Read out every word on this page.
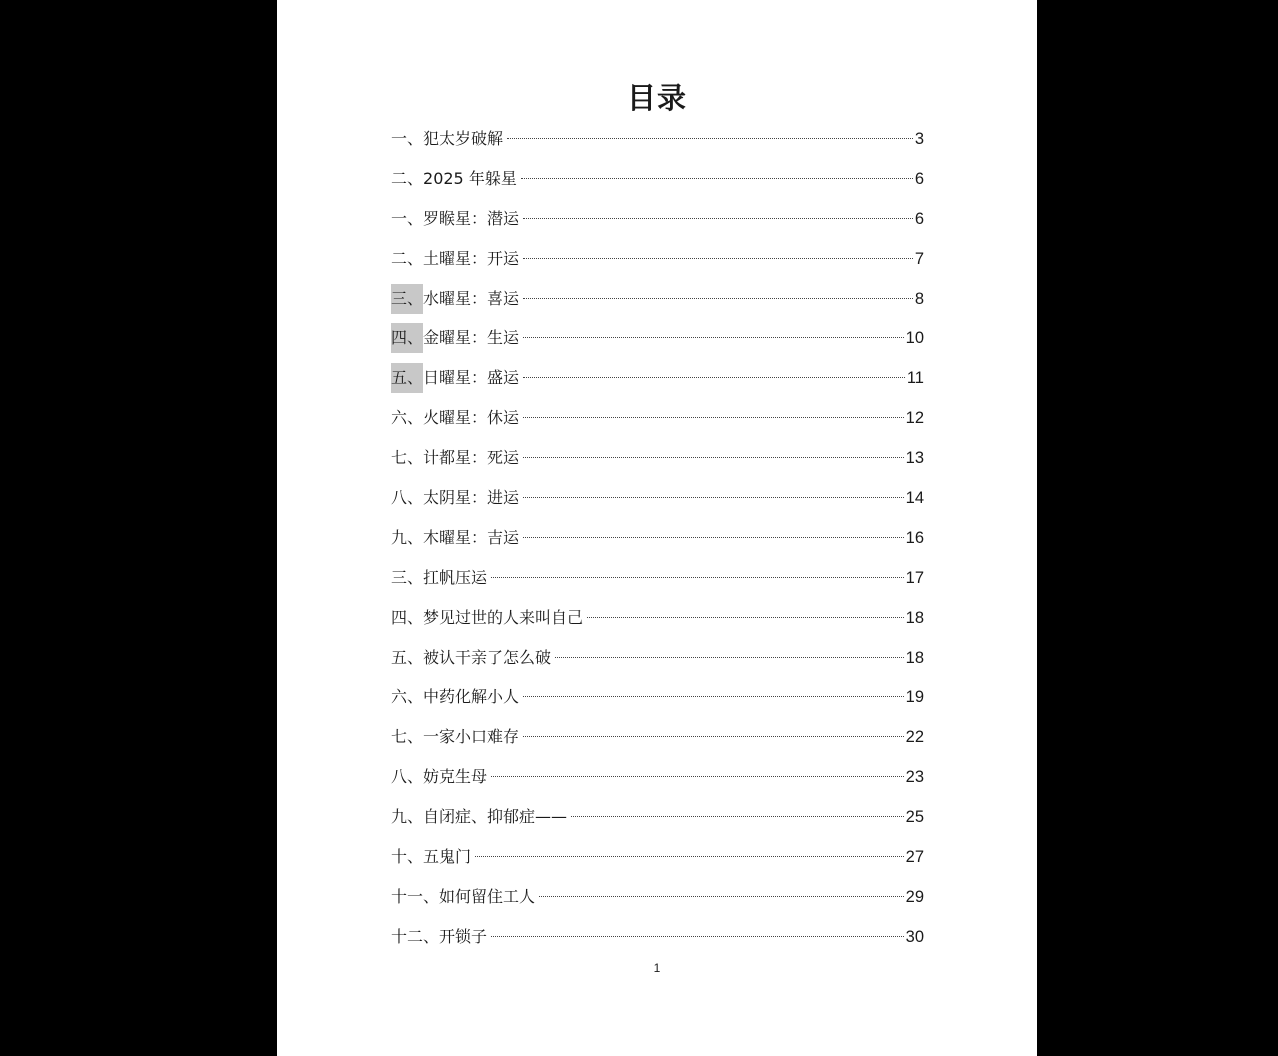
目录
一、 犯太岁破解	3
二、 2025 年躲星	6
一、 罗睺星：潜运	6
二、 土曜星：开运	7
三、 水曜星：喜运	8
四、 金曜星：生运	10
五、 日曜星：盛运	11
六、 火曜星：休运	12
七、 计都星：死运	13
八、 太阴星：进运	14
九、 木曜星：吉运	16
三、 扛帆压运	17
四、 梦见过世的人来叫自己	18
五、 被认干亲了怎么破	18
六、 中药化解小人	19
七、 一家小口难存	22
八、 妨克生母	23
九、 自闭症、抑郁症——	25
十、 五鬼门	27
十一、 如何留住工人	29
十二、 开锁子	30
1
